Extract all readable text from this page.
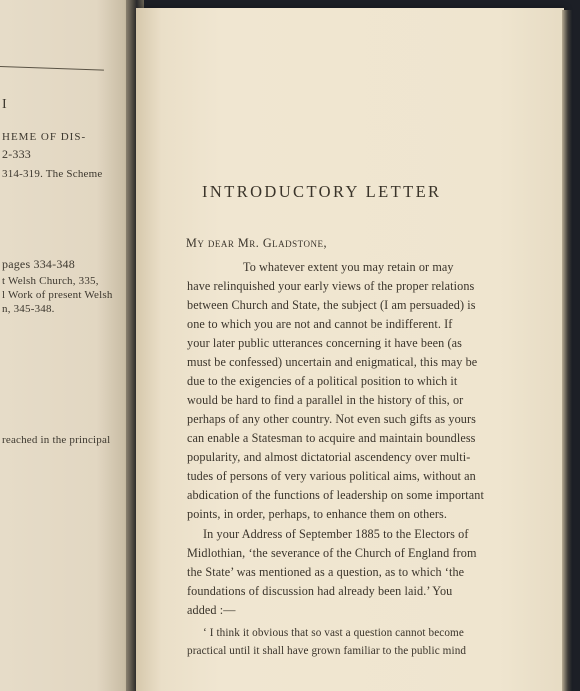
I
HEME OF DIS-
2-333
314-319. The Scheme
pages 334-348
t Welsh Church, 335,
l Work of present Welsh
n, 345-348.
reached in the principal
INTRODUCTORY LETTER
My dear Mr. Gladstone,
To whatever extent you may retain or may
have relinquished your early views of the proper relations
between Church and State, the subject (I am persuaded) is
one to which you are not and cannot be indifferent. If
your later public utterances concerning it have been (as
must be confessed) uncertain and enigmatical, this may be
due to the exigencies of a political position to which it
would be hard to find a parallel in the history of this, or
perhaps of any other country. Not even such gifts as yours
can enable a Statesman to acquire and maintain boundless
popularity, and almost dictatorial ascendency over multi-
tudes of persons of very various political aims, without an
abdication of the functions of leadership on some important
points, in order, perhaps, to enhance them on others.
In your Address of September 1885 to the Electors of
Midlothian, ‘the severance of the Church of England from
the State’ was mentioned as a question, as to which ‘the
foundations of discussion had already been laid.’ You
added :—
‘ I think it obvious that so vast a question cannot become
practical until it shall have grown familiar to the public mind
